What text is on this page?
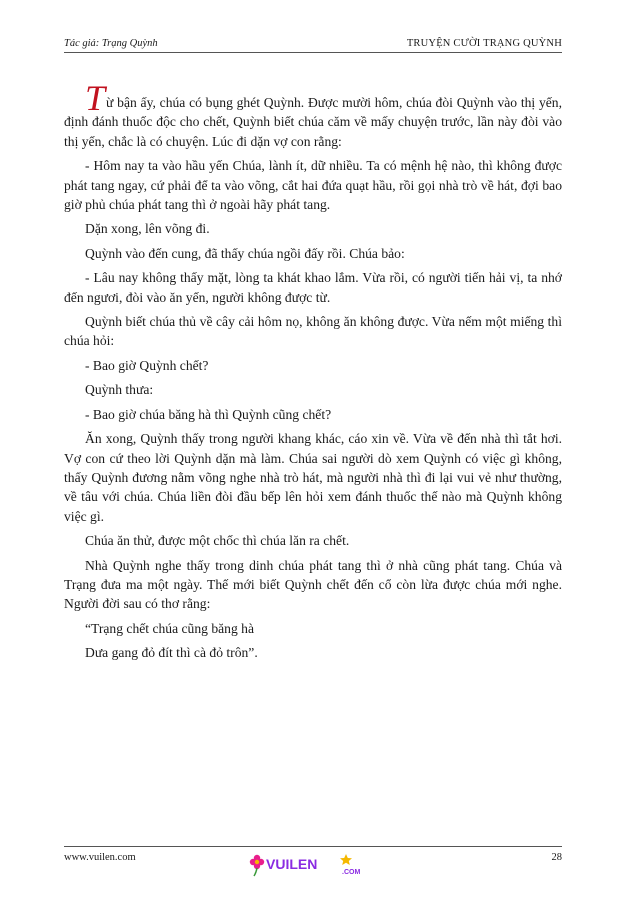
Tác giả: Trạng Quỳnh	TRUYỆN CƯỜI TRẠNG QUỲNH

Từ bận ấy, chúa có bụng ghét Quỳnh. Được mười hôm, chúa đòi Quỳnh vào thị yến, định đánh thuốc độc cho chết, Quỳnh biết chúa căm về mấy chuyện trước, lần này đòi vào thị yến, chắc là có chuyện. Lúc đi dặn vợ con rằng:

- Hôm nay ta vào hầu yến Chúa, lành ít, dữ nhiều. Ta có mệnh hệ nào, thì không được phát tang ngay, cứ phải để ta vào võng, cắt hai đứa quạt hầu, rồi gọi nhà trò về hát, đợi bao giờ phủ chúa phát tang thì ở ngoài hãy phát tang.

Dặn xong, lên võng đi.

Quỳnh vào đến cung, đã thấy chúa ngồi đấy rồi. Chúa bảo:

- Lâu nay không thấy mặt, lòng ta khát khao lắm. Vừa rồi, có người tiến hải vị, ta nhớ đến ngươi, đòi vào ăn yến, người không được từ.

Quỳnh biết chúa thủ về cây cải hôm nọ, không ăn không được. Vừa nếm một miếng thì chúa hỏi:

- Bao giờ Quỳnh chết?

Quỳnh thưa:

- Bao giờ chúa băng hà thì Quỳnh cũng chết?

Ăn xong, Quỳnh thấy trong người khang khác, cáo xin về. Vừa về đến nhà thì tắt hơi. Vợ con cứ theo lời Quỳnh dặn mà làm. Chúa sai người dò xem Quỳnh có việc gì không, thấy Quỳnh đương nằm võng nghe nhà trò hát, mà người nhà thì đi lại vui vẻ như thường, về tâu với chúa. Chúa liền đòi đầu bếp lên hỏi xem đánh thuốc thế nào mà Quỳnh không việc gì.

Chúa ăn thử, được một chốc thì chúa lăn ra chết.

Nhà Quỳnh nghe thấy trong dinh chúa phát tang thì ở nhà cũng phát tang. Chúa và Trạng đưa ma một ngày. Thế mới biết Quỳnh chết đến cổ còn lừa được chúa mới nghe. Người đời sau có thơ rằng:

“Trạng chết chúa cũng băng hà

Dưa gang đỏ đít thì cà đỏ trôn”.

www.vuilen.com	28
VUILEN
.COM
